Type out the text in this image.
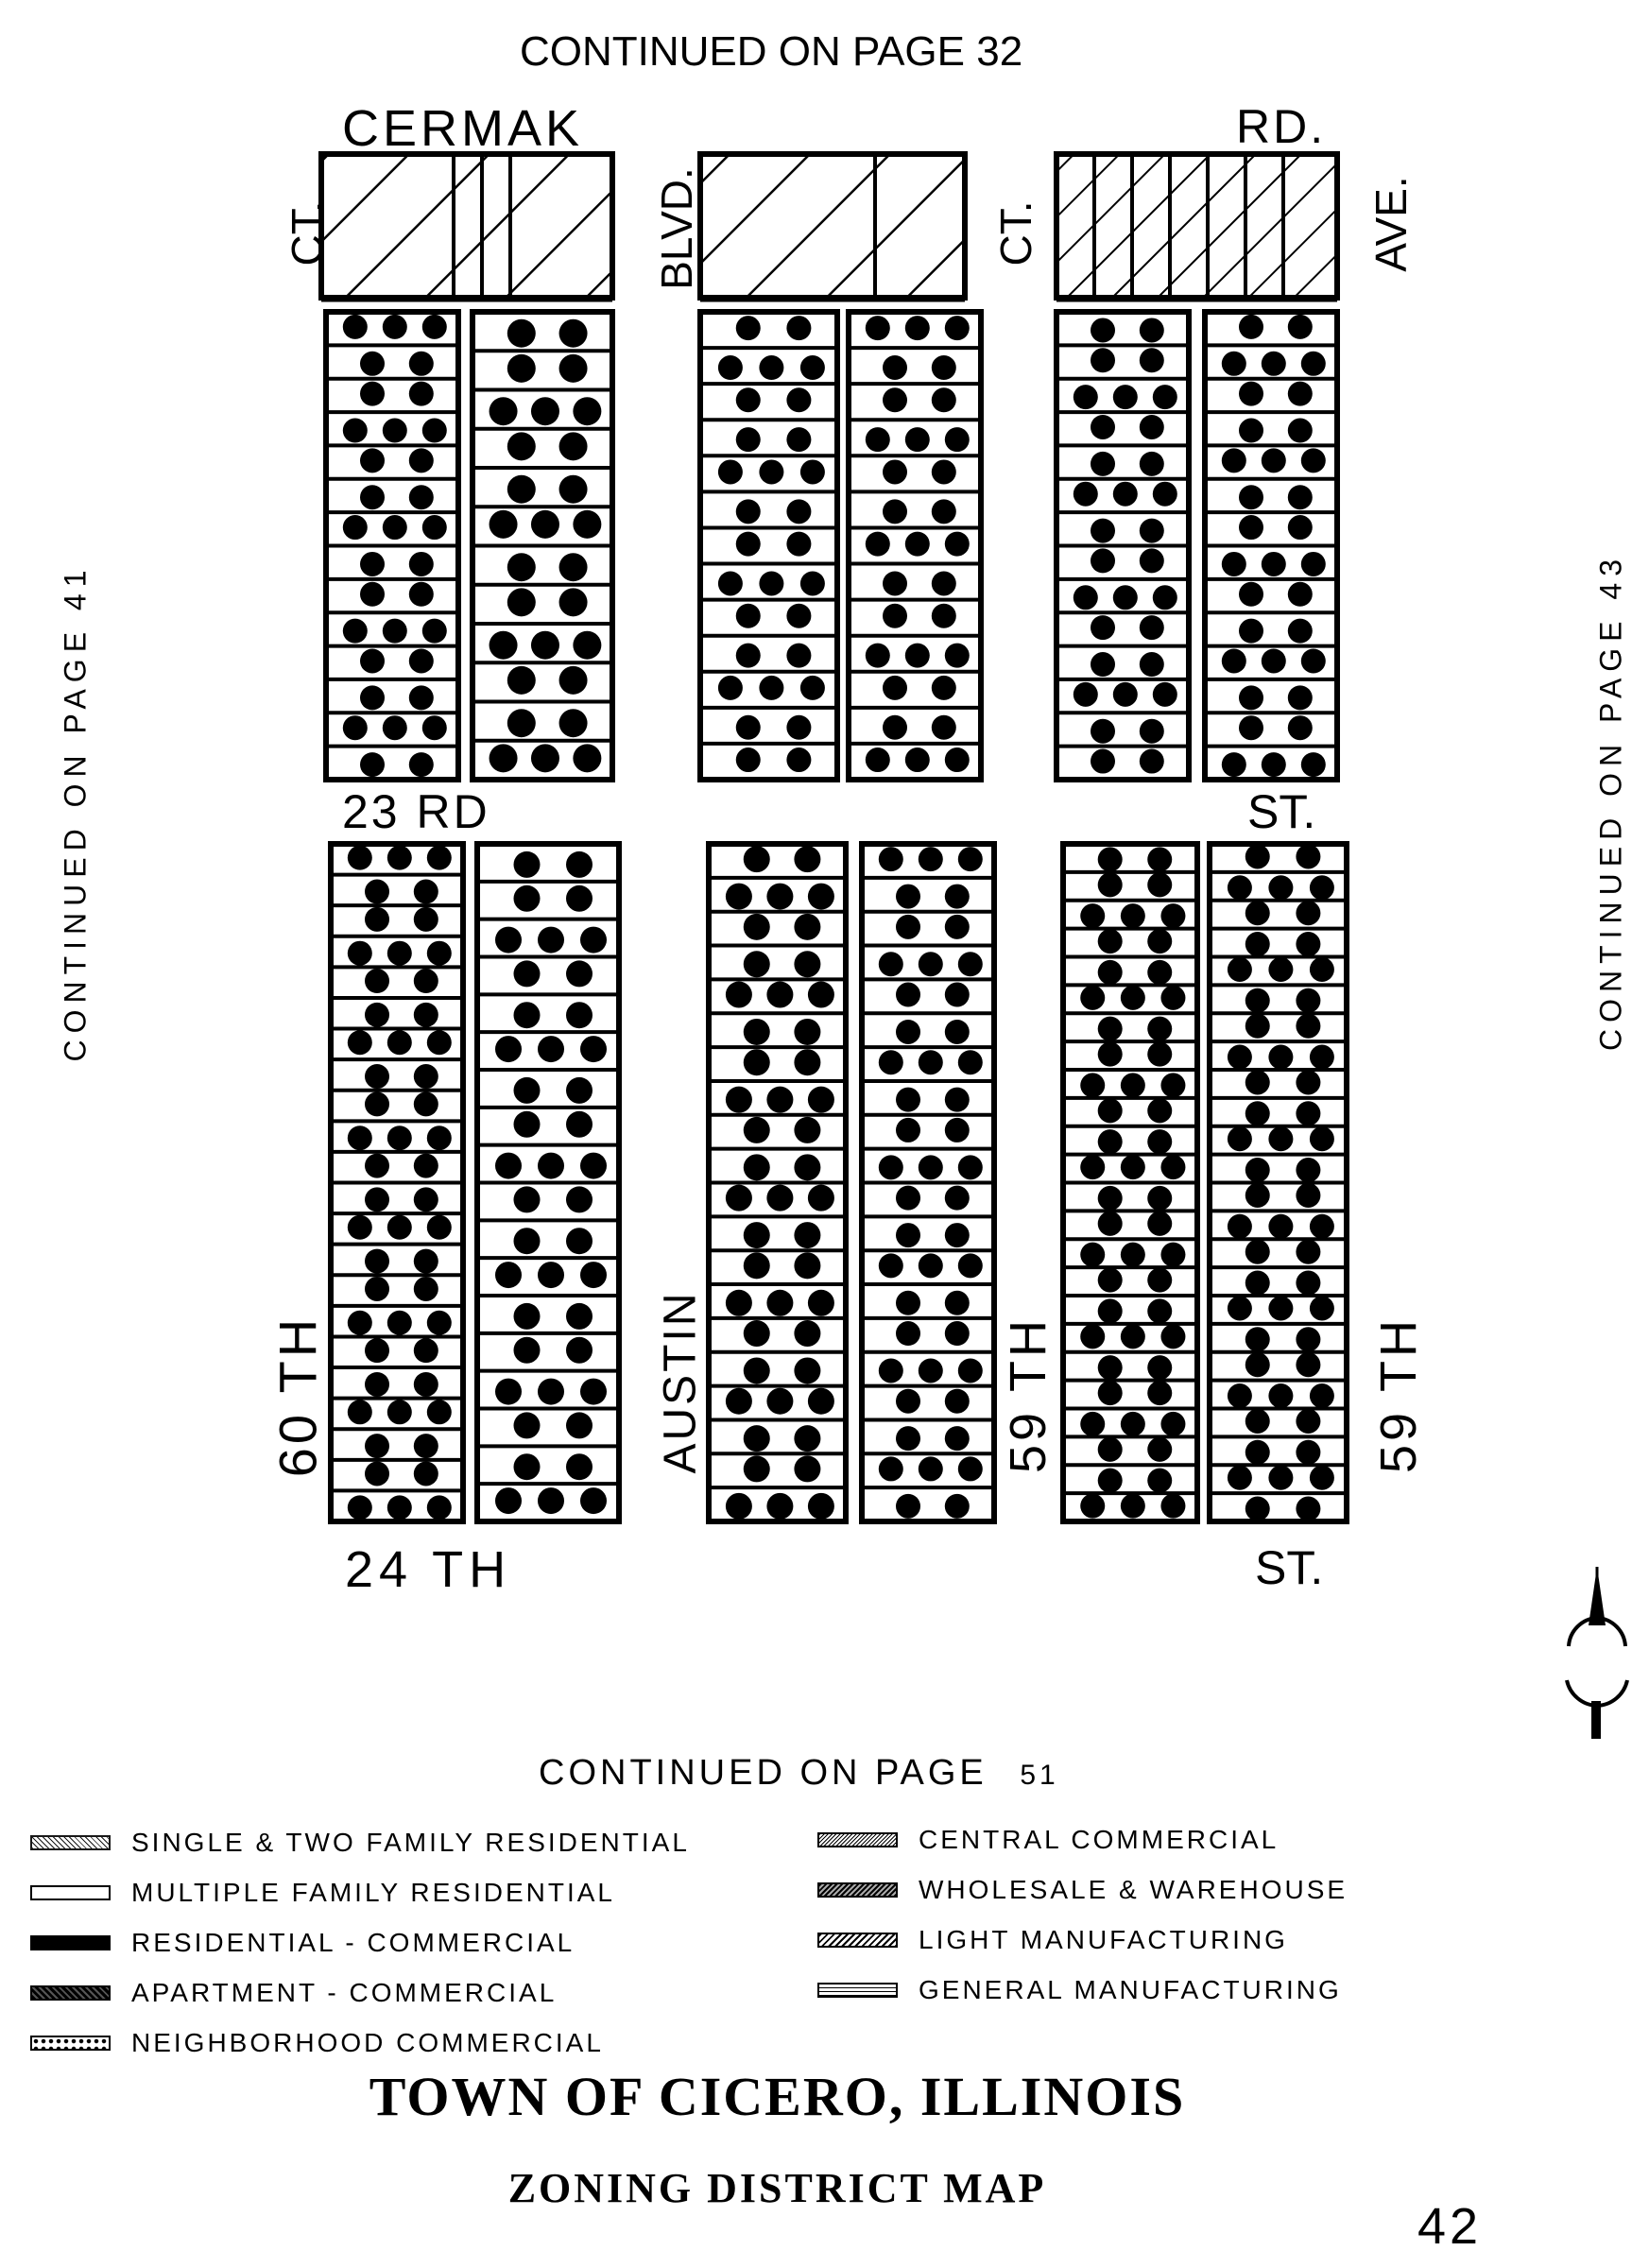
CONTINUED ON PAGE 32
CONTINUED ON PAGE 41	CONTINUED ON PAGE 43
CONTINUED ON PAGE 51
CERMAK	RD.
CT.	BLVD.	CT.	AVE.
23 RD	ST.
60 TH	AUSTIN	59 TH	59 TH
24 TH	ST.
SINGLE & TWO FAMILY RESIDENTIAL
MULTIPLE FAMILY RESIDENTIAL
RESIDENTIAL - COMMERCIAL
APARTMENT - COMMERCIAL
NEIGHBORHOOD COMMERCIAL
CENTRAL COMMERCIAL
WHOLESALE & WAREHOUSE
LIGHT MANUFACTURING
GENERAL MANUFACTURING
TOWN OF CICERO, ILLINOIS
ZONING DISTRICT MAP
42
